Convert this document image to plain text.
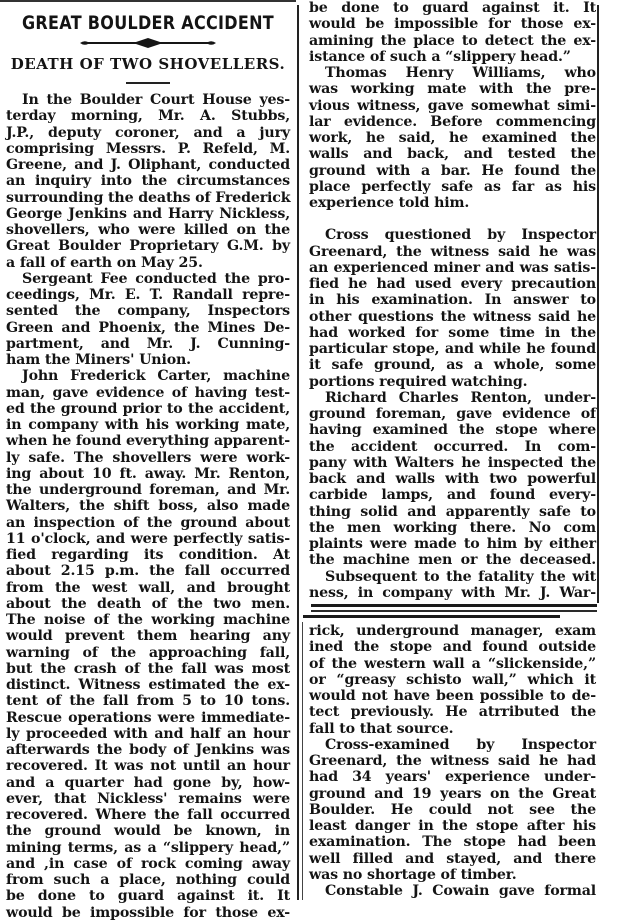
GREAT BOULDER ACCIDENT
DEATH OF TWO SHOVELLERS.
In the Boulder Court House yes-
terday morning, Mr. A. Stubbs,
J.P., deputy coroner, and a jury
comprising Messrs. P. Refeld, M.
Greene, and J. Oliphant, conducted
an inquiry into the circumstances
surrounding the deaths of Frederick
George Jenkins and Harry Nickless,
shovellers, who were killed on the
Great Boulder Proprietary G.M. by
a fall of earth on May 25.
Sergeant Fee conducted the pro-
ceedings, Mr. E. T. Randall repre-
sented the company, Inspectors
Green and Phoenix, the Mines De-
partment, and Mr. J. Cunning-
ham the Miners' Union.
John Frederick Carter, machine
man, gave evidence of having test-
ed the ground prior to the accident,
in company with his working mate,
when he found everything apparent-
ly safe. The shovellers were work-
ing about 10 ft. away. Mr. Renton,
the underground foreman, and Mr.
Walters, the shift boss, also made
an inspection of the ground about
11 o'clock, and were perfectly satis-
fied regarding its condition. At
about 2.15 p.m. the fall occurred
from the west wall, and brought
about the death of the two men.
The noise of the working machine
would prevent them hearing any
warning of the approaching fall,
but the crash of the fall was most
distinct. Witness estimated the ex-
tent of the fall from 5 to 10 tons.
Rescue operations were immediate-
ly proceeded with and half an hour
afterwards the body of Jenkins was
recovered. It was not until an hour
and a quarter had gone by, how-
ever, that Nickless' remains were
recovered. Where the fall occurred
the ground would be known, in
mining terms, as a “slippery head,”
and ,in case of rock coming away
from such a place, nothing could
be done to guard against it. It
would be impossible for those ex-
be done to guard against it. It
would be impossible for those ex-
amining the place to detect the ex-
istance of such a “slippery head.”
Thomas Henry Williams, who
was working mate with the pre-
vious witness, gave somewhat simi-
lar evidence. Before commencing
work, he said, he examined the
walls and back, and tested the
ground with a bar. He found the
place perfectly safe as far as his
experience told him.
Cross questioned by Inspector
Greenard, the witness said he was
an experienced miner and was satis-
fied he had used every precaution
in his examination. In answer to
other questions the witness said he
had worked for some time in the
particular stope, and while he found
it safe ground, as a whole, some
portions required watching.
Richard Charles Renton, under-
ground foreman, gave evidence of
having examined the stope where
the accident occurred. In com-
pany with Walters he inspected the
back and walls with two powerful
carbide lamps, and found every-
thing solid and apparently safe to
the men working there. No com
plaints were made to him by either
the machine men or the deceased.
Subsequent to the fatality the wit
ness, in company with Mr. J. War-
rick, underground manager, exam
ined the stope and found outside
of the western wall a “slickenside,”
or “greasy schisto wall,” which it
would not have been possible to de-
tect previously. He atrributed the
fall to that source.
Cross-examined by Inspector
Greenard, the witness said he had
had 34 years' experience under-
ground and 19 years on the Great
Boulder. He could not see the
least danger in the stope after his
examination. The stope had been
well filled and stayed, and there
was no shortage of timber.
Constable J. Cowain gave formal
